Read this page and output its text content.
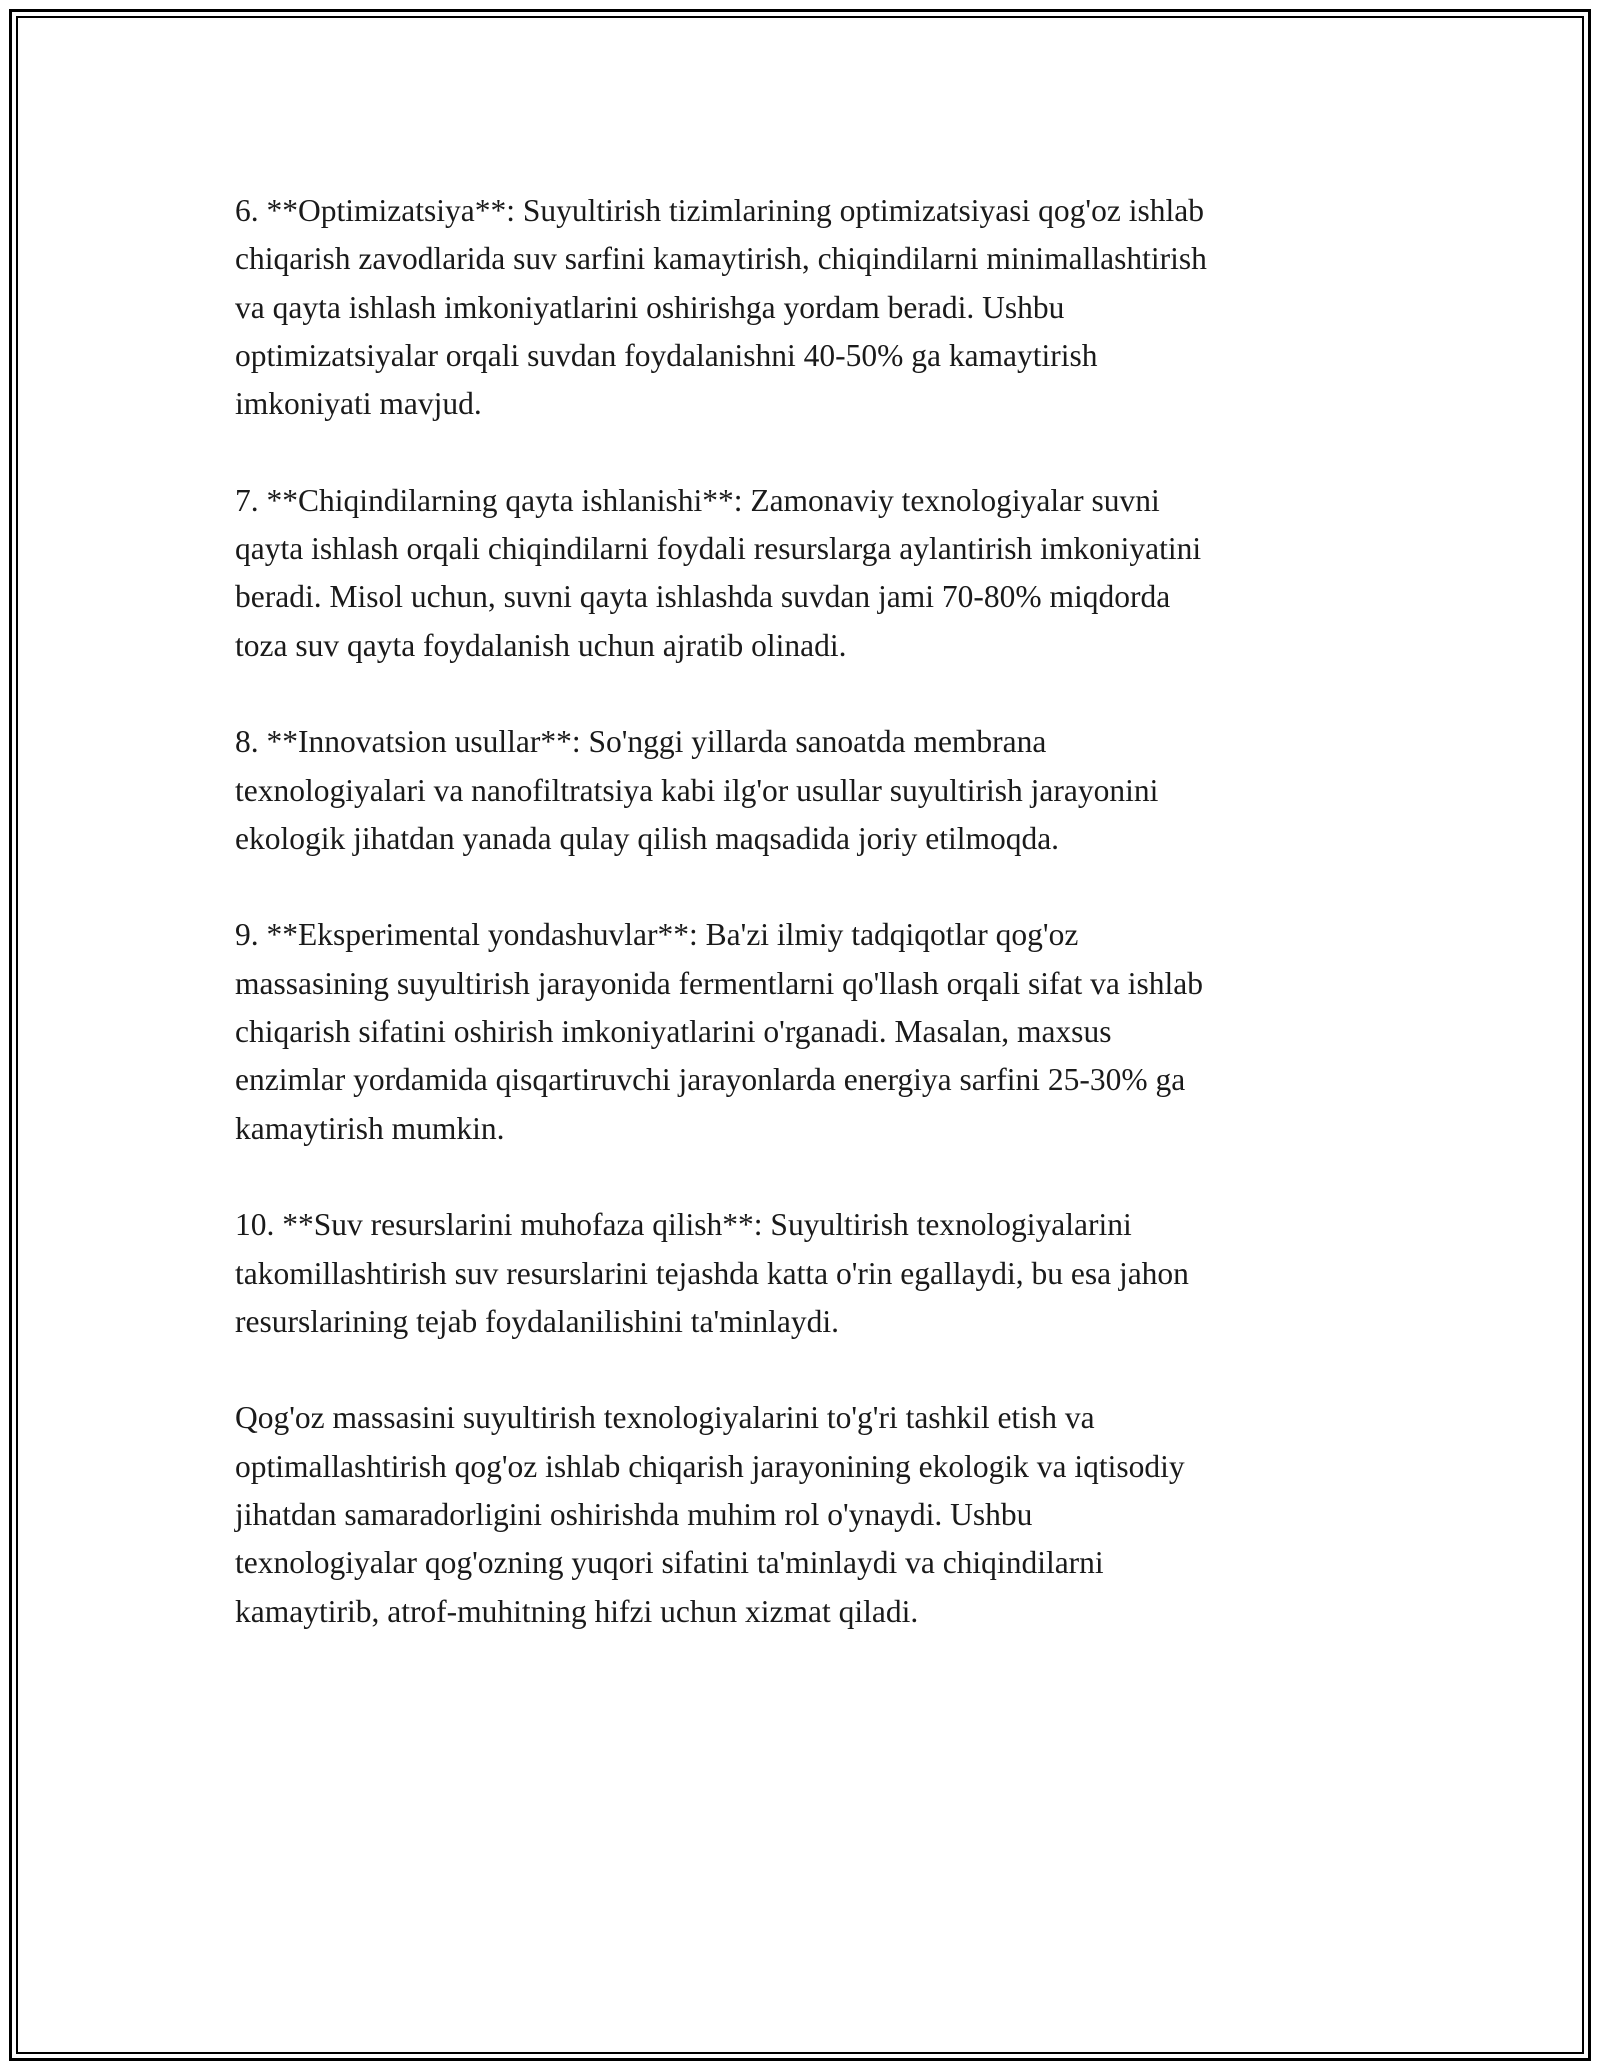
6. **Optimizatsiya**: Suyultirish tizimlarining optimizatsiyasi qog'oz ishlab
chiqarish zavodlarida suv sarfini kamaytirish, chiqindilarni minimallashtirish
va qayta ishlash imkoniyatlarini oshirishga yordam beradi. Ushbu
optimizatsiyalar orqali suvdan foydalanishni 40-50% ga kamaytirish
imkoniyati mavjud.

7. **Chiqindilarning qayta ishlanishi**: Zamonaviy texnologiyalar suvni
qayta ishlash orqali chiqindilarni foydali resurslarga aylantirish imkoniyatini
beradi. Misol uchun, suvni qayta ishlashda suvdan jami 70-80% miqdorda
toza suv qayta foydalanish uchun ajratib olinadi.

8. **Innovatsion usullar**: So'nggi yillarda sanoatda membrana
texnologiyalari va nanofiltratsiya kabi ilg'or usullar suyultirish jarayonini
ekologik jihatdan yanada qulay qilish maqsadida joriy etilmoqda.

9. **Eksperimental yondashuvlar**: Ba'zi ilmiy tadqiqotlar qog'oz
massasining suyultirish jarayonida fermentlarni qo'llash orqali sifat va ishlab
chiqarish sifatini oshirish imkoniyatlarini o'rganadi. Masalan, maxsus
enzimlar yordamida qisqartiruvchi jarayonlarda energiya sarfini 25-30% ga
kamaytirish mumkin.

10. **Suv resurslarini muhofaza qilish**: Suyultirish texnologiyalarini
takomillashtirish suv resurslarini tejashda katta o'rin egallaydi, bu esa jahon
resurslarining tejab foydalanilishini ta'minlaydi.

Qog'oz massasini suyultirish texnologiyalarini to'g'ri tashkil etish va
optimallashtirish qog'oz ishlab chiqarish jarayonining ekologik va iqtisodiy
jihatdan samaradorligini oshirishda muhim rol o'ynaydi. Ushbu
texnologiyalar qog'ozning yuqori sifatini ta'minlaydi va chiqindilarni
kamaytirib, atrof-muhitning hifzi uchun xizmat qiladi.
